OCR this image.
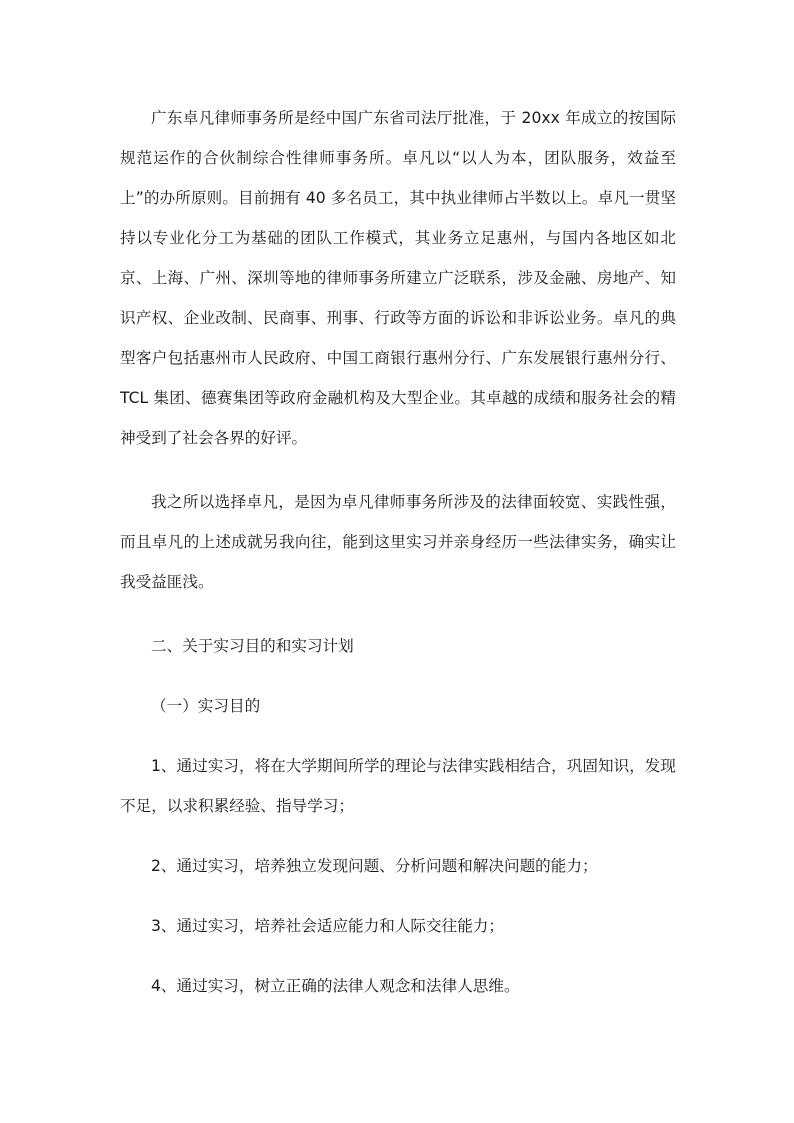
广东卓凡律师事务所是经中国广东省司法厅批准，于 20xx 年成立的按国际规范运作的合伙制综合性律师事务所。卓凡以“以人为本，团队服务，效益至上”的办所原则。目前拥有 40 多名员工，其中执业律师占半数以上。卓凡一贯坚持以专业化分工为基础的团队工作模式，其业务立足惠州，与国内各地区如北京、上海、广州、深圳等地的律师事务所建立广泛联系，涉及金融、房地产、知识产权、企业改制、民商事、刑事、行政等方面的诉讼和非诉讼业务。卓凡的典型客户包括惠州市人民政府、中国工商银行惠州分行、广东发展银行惠州分行、TCL 集团、德赛集团等政府金融机构及大型企业。其卓越的成绩和服务社会的精神受到了社会各界的好评。

我之所以选择卓凡，是因为卓凡律师事务所涉及的法律面较宽、实践性强，而且卓凡的上述成就另我向往，能到这里实习并亲身经历一些法律实务，确实让我受益匪浅。

二、关于实习目的和实习计划

（一）实习目的

1、通过实习，将在大学期间所学的理论与法律实践相结合，巩固知识，发现不足，以求积累经验、指导学习；

2、通过实习，培养独立发现问题、分析问题和解决问题的能力；

3、通过实习，培养社会适应能力和人际交往能力；

4、通过实习，树立正确的法律人观念和法律人思维。
